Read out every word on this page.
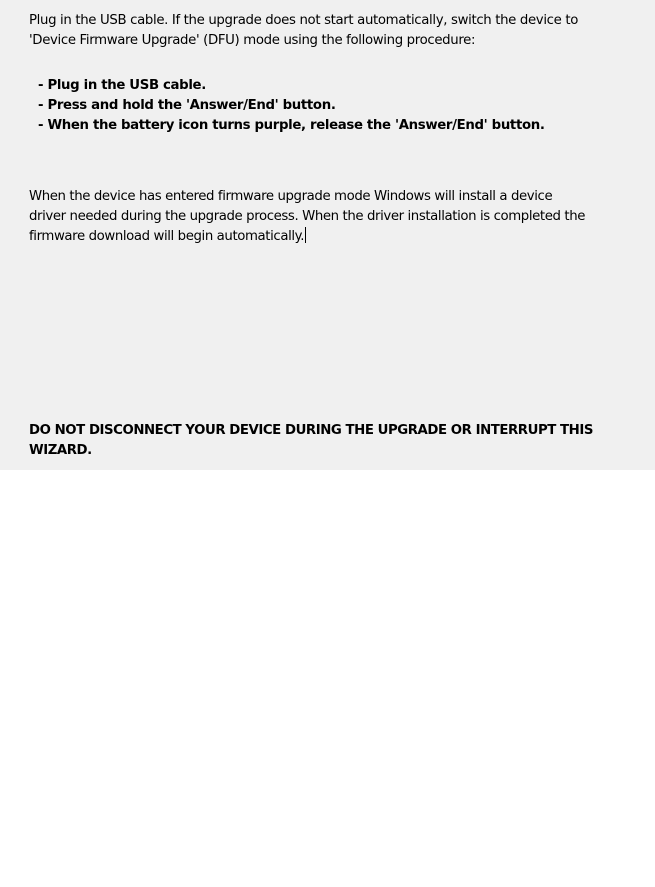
Plug in the USB cable. If the upgrade does not start automatically, switch the device to
'Device Firmware Upgrade' (DFU) mode using the following procedure:

- Plug in the USB cable.
- Press and hold the 'Answer/End' button.
- When the battery icon turns purple, release the 'Answer/End' button.

When the device has entered firmware upgrade mode Windows will install a device
driver needed during the upgrade process. When the driver installation is completed the
firmware download will begin automatically.

DO NOT DISCONNECT YOUR DEVICE DURING THE UPGRADE OR INTERRUPT THIS
WIZARD.
